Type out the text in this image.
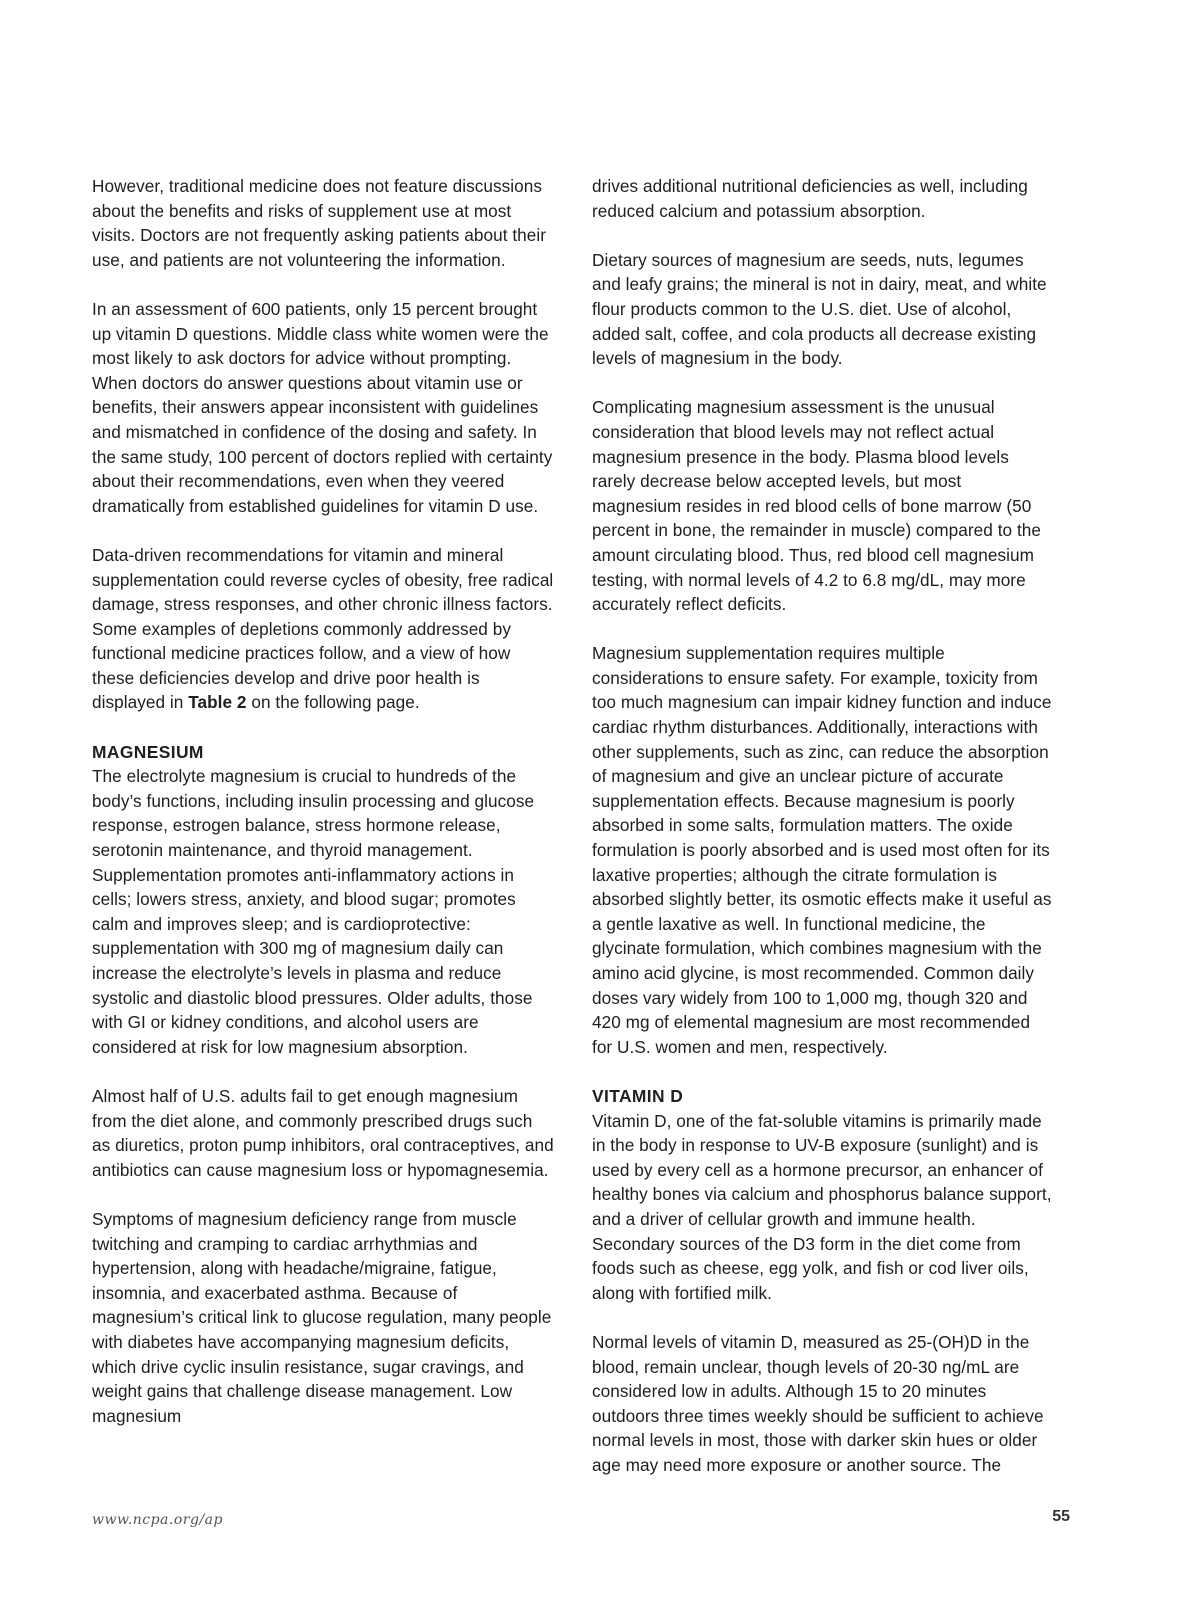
However, traditional medicine does not feature discussions about the benefits and risks of supplement use at most visits. Doctors are not frequently asking patients about their use, and patients are not volunteering the information.

In an assessment of 600 patients, only 15 percent brought up vitamin D questions. Middle class white women were the most likely to ask doctors for advice without prompting. When doctors do answer questions about vitamin use or benefits, their answers appear inconsistent with guidelines and mismatched in confidence of the dosing and safety. In the same study, 100 percent of doctors replied with certainty about their recommendations, even when they veered dramatically from established guidelines for vitamin D use.

Data-driven recommendations for vitamin and mineral supplementation could reverse cycles of obesity, free radical damage, stress responses, and other chronic illness factors. Some examples of depletions commonly addressed by functional medicine practices follow, and a view of how these deficiencies develop and drive poor health is displayed in Table 2 on the following page.

MAGNESIUM

The electrolyte magnesium is crucial to hundreds of the body’s functions, including insulin processing and glucose response, estrogen balance, stress hormone release, serotonin maintenance, and thyroid management. Supplementation promotes anti-inflammatory actions in cells; lowers stress, anxiety, and blood sugar; promotes calm and improves sleep; and is cardioprotective: supplementation with 300 mg of magnesium daily can increase the electrolyte’s levels in plasma and reduce systolic and diastolic blood pressures. Older adults, those with GI or kidney conditions, and alcohol users are considered at risk for low magnesium absorption.

Almost half of U.S. adults fail to get enough magnesium from the diet alone, and commonly prescribed drugs such as diuretics, proton pump inhibitors, oral contraceptives, and antibiotics can cause magnesium loss or hypomagnesemia.

Symptoms of magnesium deficiency range from muscle twitching and cramping to cardiac arrhythmias and hypertension, along with headache/migraine, fatigue, insomnia, and exacerbated asthma. Because of magnesium’s critical link to glucose regulation, many people with diabetes have accompanying magnesium deficits, which drive cyclic insulin resistance, sugar cravings, and weight gains that challenge disease management. Low magnesium

drives additional nutritional deficiencies as well, including reduced calcium and potassium absorption.

Dietary sources of magnesium are seeds, nuts, legumes and leafy grains; the mineral is not in dairy, meat, and white flour products common to the U.S. diet. Use of alcohol, added salt, coffee, and cola products all decrease existing levels of magnesium in the body.

Complicating magnesium assessment is the unusual consideration that blood levels may not reflect actual magnesium presence in the body. Plasma blood levels rarely decrease below accepted levels, but most magnesium resides in red blood cells of bone marrow (50 percent in bone, the remainder in muscle) compared to the amount circulating blood. Thus, red blood cell magnesium testing, with normal levels of 4.2 to 6.8 mg/dL, may more accurately reflect deficits.

Magnesium supplementation requires multiple considerations to ensure safety. For example, toxicity from too much magnesium can impair kidney function and induce cardiac rhythm disturbances. Additionally, interactions with other supplements, such as zinc, can reduce the absorption of magnesium and give an unclear picture of accurate supplementation effects. Because magnesium is poorly absorbed in some salts, formulation matters. The oxide formulation is poorly absorbed and is used most often for its laxative properties; although the citrate formulation is absorbed slightly better, its osmotic effects make it useful as a gentle laxative as well. In functional medicine, the glycinate formulation, which combines magnesium with the amino acid glycine, is most recommended. Common daily doses vary widely from 100 to 1,000 mg, though 320 and 420 mg of elemental magnesium are most recommended for U.S. women and men, respectively.

VITAMIN D

Vitamin D, one of the fat-soluble vitamins is primarily made in the body in response to UV-B exposure (sunlight) and is used by every cell as a hormone precursor, an enhancer of healthy bones via calcium and phosphorus balance support, and a driver of cellular growth and immune health. Secondary sources of the D3 form in the diet come from foods such as cheese, egg yolk, and fish or cod liver oils, along with fortified milk.

Normal levels of vitamin D, measured as 25-(OH)D in the blood, remain unclear, though levels of 20-30 ng/mL are considered low in adults. Although 15 to 20 minutes outdoors three times weekly should be sufficient to achieve normal levels in most, those with darker skin hues or older age may need more exposure or another source. The

www.ncpa.org/ap	55
